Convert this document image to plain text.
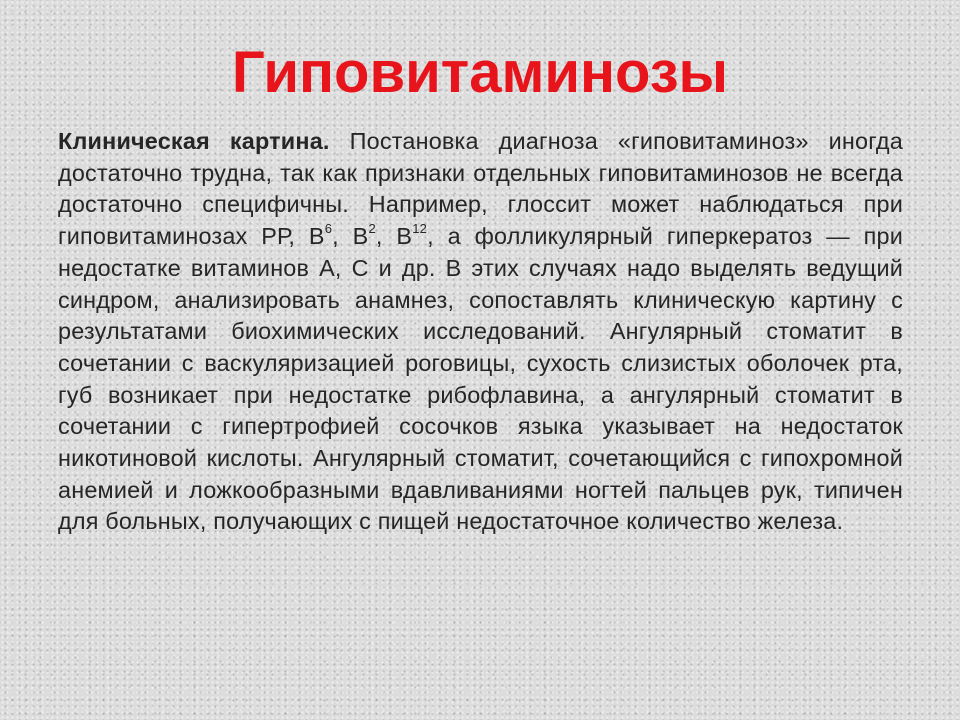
Гиповитаминозы

Клиническая картина. Постановка диагноза «гиповитаминоз» иногда достаточно трудна, так как признаки отдельных гиповитаминозов не всегда достаточно специфичны. Например, глоссит может наблюдаться при гиповитаминозах РР, $В^6$, $В^2$, $В^{12}$, а фолликулярный гиперкератоз — при недостатке витаминов А, С и др. В этих случаях надо выделять ведущий синдром, анализировать анамнез, сопоставлять клиническую картину с результатами биохимических исследований. Ангулярный стоматит в сочетании с васкуляризацией роговицы, сухость слизистых оболочек рта, губ возникает при недостатке рибофлавина, а ангулярный стоматит в сочетании с гипертрофией сосочков языка указывает на недостаток никотиновой кислоты. Ангулярный стоматит, сочетающийся с гипохромной анемией и ложкообразными вдавливаниями ногтей пальцев рук, типичен для больных, получающих с пищей недостаточное количество железа.
